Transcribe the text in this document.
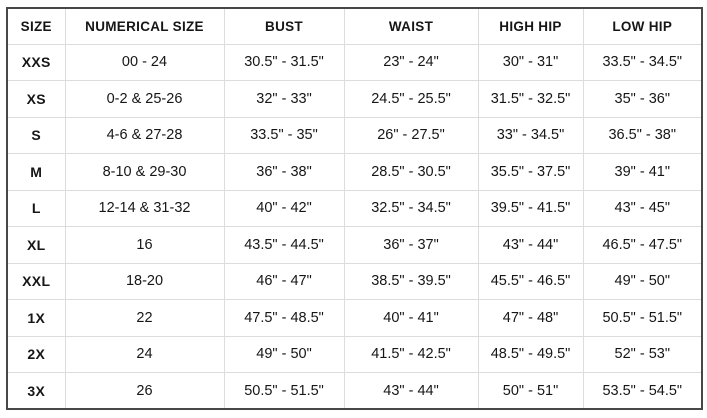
SIZE	NUMERICAL SIZE	BUST	WAIST	HIGH HIP	LOW HIP
XXS	00 - 24	30.5" - 31.5"	23" - 24"	30" - 31"	33.5" - 34.5"
XS	0-2 & 25-26	32" - 33"	24.5" - 25.5"	31.5" - 32.5"	35" - 36"
S	4-6 & 27-28	33.5" - 35"	26" - 27.5"	33" - 34.5"	36.5" - 38"
M	8-10 & 29-30	36" - 38"	28.5" - 30.5"	35.5" - 37.5"	39" - 41"
L	12-14 & 31-32	40" - 42"	32.5" - 34.5"	39.5" - 41.5"	43" - 45"
XL	16	43.5" - 44.5"	36" - 37"	43" - 44"	46.5" - 47.5"
XXL	18-20	46" - 47"	38.5" - 39.5"	45.5" - 46.5"	49" - 50"
1X	22	47.5" - 48.5"	40" - 41"	47" - 48"	50.5" - 51.5"
2X	24	49" - 50"	41.5" - 42.5"	48.5" - 49.5"	52" - 53"
3X	26	50.5" - 51.5"	43" - 44"	50" - 51"	53.5" - 54.5"
